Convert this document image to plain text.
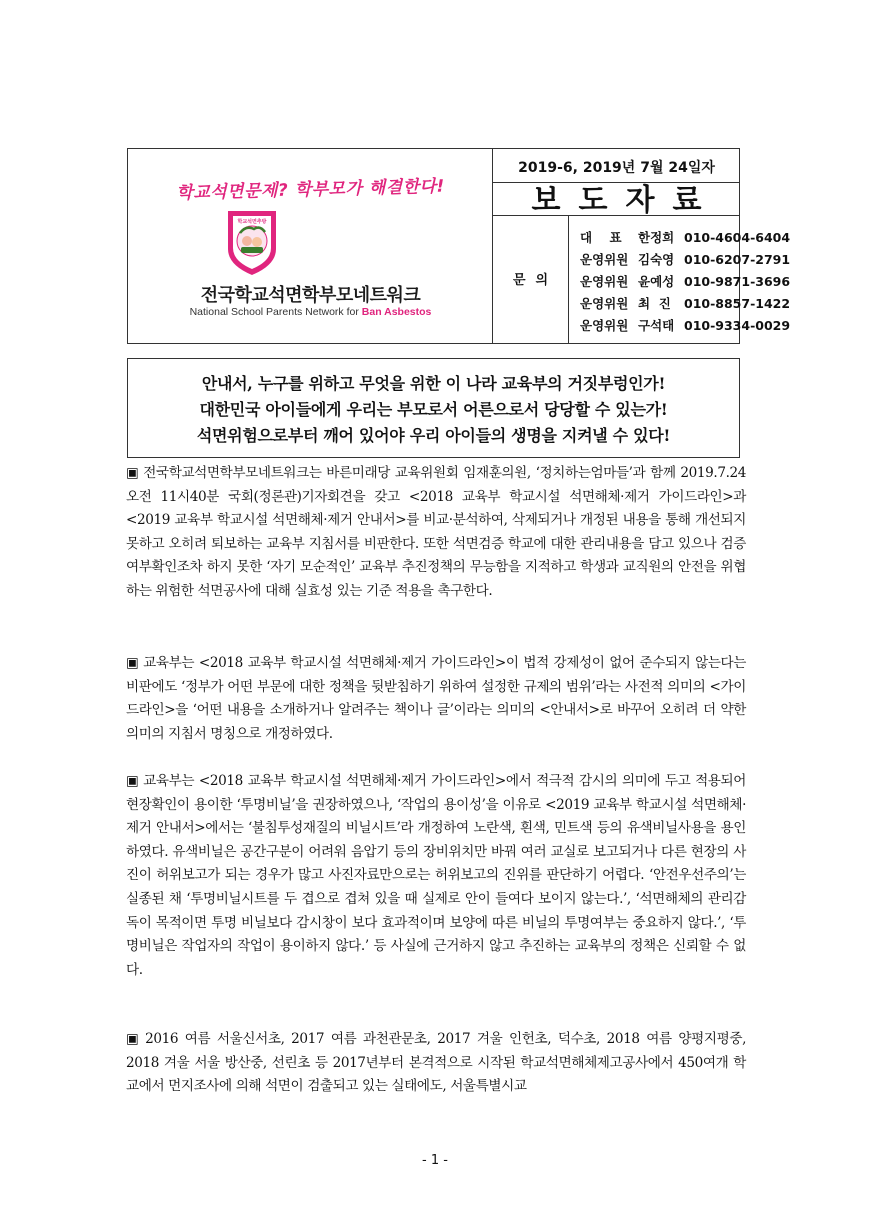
학교석면문제? 학부모가 해결한다!
학교석면추방
전국학교석면학부모네트워크
National School Parents Network for Ban Asbestos
2019-6, 2019년 7월 24일자
보도자료
문의
대    표 한정희 010-4604-6404
운영위원 김숙영 010-6207-2791
운영위원 윤예성 010-9871-3696
운영위원 최  진 010-8857-1422
운영위원 구석태 010-9334-0029
안내서, 누구를 위하고 무엇을 위한 이 나라 교육부의 거짓부렁인가!
대한민국 아이들에게 우리는 부모로서 어른으로서 당당할 수 있는가!
석면위험으로부터 깨어 있어야 우리 아이들의 생명을 지켜낼 수 있다!
▣ 전국학교석면학부모네트워크는 바른미래당 교육위원회 임재훈의원, ‘정치하는엄마들’과 함께 2019.7.24 오전 11시40분 국회(정론관)기자회견을 갖고 <2018 교육부 학교시설 석면해체·제거 가이드라인>과 <2019 교육부 학교시설 석면해체·제거 안내서>를 비교·분석하여, 삭제되거나 개정된 내용을 통해 개선되지 못하고 오히려 퇴보하는 교육부 지침서를 비판한다. 또한 석면검증 학교에 대한 관리내용을 담고 있으나 검증여부확인조차 하지 못한 ‘자기 모순적인’ 교육부 추진정책의 무능함을 지적하고 학생과 교직원의 안전을 위협하는 위험한 석면공사에 대해 실효성 있는 기준 적용을 촉구한다.
▣ 교육부는 <2018 교육부 학교시설 석면해체·제거 가이드라인>이 법적 강제성이 없어 준수되지 않는다는 비판에도 ‘정부가 어떤 부문에 대한 정책을 뒷받침하기 위하여 설정한 규제의 범위’라는 사전적 의미의 <가이드라인>을 ‘어떤 내용을 소개하거나 알려주는 책이나 글’이라는 의미의 <안내서>로 바꾸어 오히려 더 약한 의미의 지침서 명칭으로 개정하였다.
▣ 교육부는 <2018 교육부 학교시설 석면해체·제거 가이드라인>에서 적극적 감시의 의미에 두고 적용되어 현장확인이 용이한 ‘투명비닐’을 권장하였으나, ‘작업의 용이성’을 이유로 <2019 교육부 학교시설 석면해체·제거 안내서>에서는 ‘불침투성재질의 비닐시트’라 개정하여 노란색, 흰색, 민트색 등의 유색비닐사용을 용인하였다. 유색비닐은 공간구분이 어려워 음압기 등의 장비위치만 바꿔 여러 교실로 보고되거나 다른 현장의 사진이 허위보고가 되는 경우가 많고 사진자료만으로는 허위보고의 진위를 판단하기 어렵다. ‘안전우선주의’는 실종된 채 ‘투명비닐시트를 두 겹으로 겹쳐 있을 때 실제로 안이 들여다 보이지 않는다.’, ‘석면해체의 관리감독이 목적이면 투명 비닐보다 감시창이 보다 효과적이며 보양에 따른 비닐의 투명여부는 중요하지 않다.’, ‘투명비닐은 작업자의 작업이 용이하지 않다.’ 등 사실에 근거하지 않고 추진하는 교육부의 정책은 신뢰할 수 없다.
▣ 2016 여름 서울신서초, 2017 여름 과천관문초, 2017 겨울 인헌초, 덕수초, 2018 여름 양평지평중, 2018 겨울 서울 방산중, 선린초 등 2017년부터 본격적으로 시작된 학교석면해체제고공사에서 450여개 학교에서 먼지조사에 의해 석면이 검출되고 있는 실태에도, 서울특별시교
- 1 -
